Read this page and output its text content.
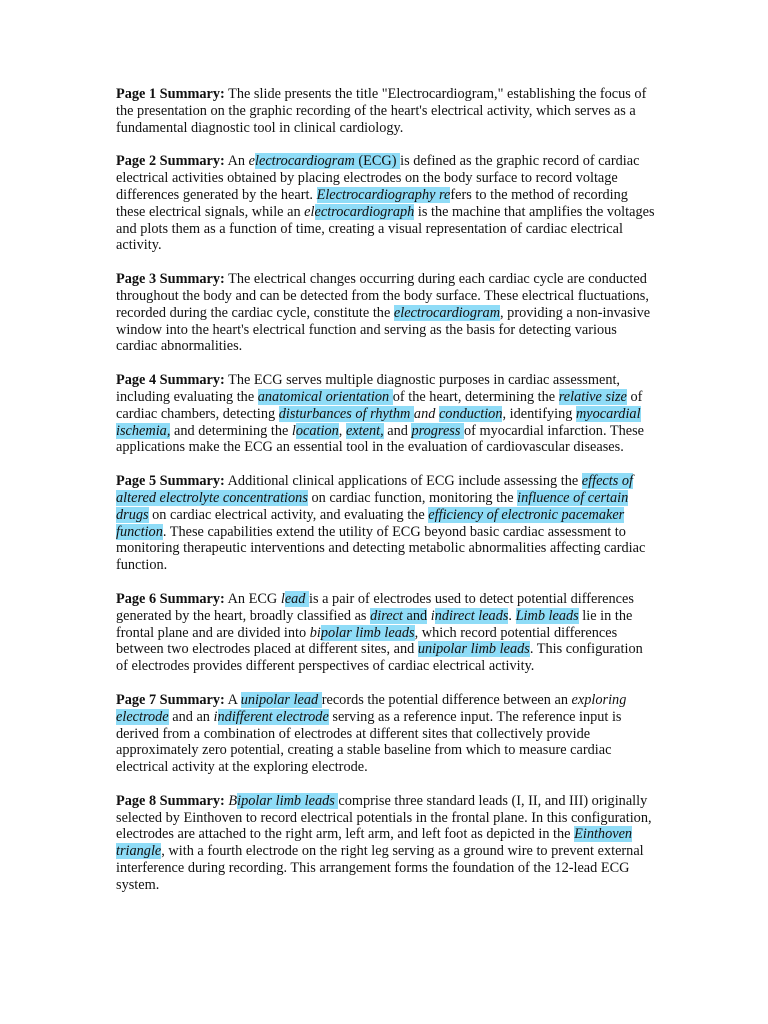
Page 1 Summary: The slide presents the title "Electrocardiogram," establishing the focus of the presentation on the graphic recording of the heart's electrical activity, which serves as a fundamental diagnostic tool in clinical cardiology.

Page 2 Summary: An electrocardiogram (ECG) is defined as the graphic record of cardiac electrical activities obtained by placing electrodes on the body surface to record voltage differences generated by the heart. Electrocardiography refers to the method of recording these electrical signals, while an electrocardiograph is the machine that amplifies the voltages and plots them as a function of time, creating a visual representation of cardiac electrical activity.

Page 3 Summary: The electrical changes occurring during each cardiac cycle are conducted throughout the body and can be detected from the body surface. These electrical fluctuations, recorded during the cardiac cycle, constitute the electrocardiogram, providing a non-invasive window into the heart's electrical function and serving as the basis for detecting various cardiac abnormalities.

Page 4 Summary: The ECG serves multiple diagnostic purposes in cardiac assessment, including evaluating the anatomical orientation of the heart, determining the relative size of cardiac chambers, detecting disturbances of rhythm and conduction, identifying myocardial ischemia, and determining the location, extent, and progress of myocardial infarction. These applications make the ECG an essential tool in the evaluation of cardiovascular diseases.

Page 5 Summary: Additional clinical applications of ECG include assessing the effects of altered electrolyte concentrations on cardiac function, monitoring the influence of certain drugs on cardiac electrical activity, and evaluating the efficiency of electronic pacemaker function. These capabilities extend the utility of ECG beyond basic cardiac assessment to monitoring therapeutic interventions and detecting metabolic abnormalities affecting cardiac function.

Page 6 Summary: An ECG lead is a pair of electrodes used to detect potential differences generated by the heart, broadly classified as direct and indirect leads. Limb leads lie in the frontal plane and are divided into bipolar limb leads, which record potential differences between two electrodes placed at different sites, and unipolar limb leads. This configuration of electrodes provides different perspectives of cardiac electrical activity.

Page 7 Summary: A unipolar lead records the potential difference between an exploring electrode and an indifferent electrode serving as a reference input. The reference input is derived from a combination of electrodes at different sites that collectively provide approximately zero potential, creating a stable baseline from which to measure cardiac electrical activity at the exploring electrode.

Page 8 Summary: Bipolar limb leads comprise three standard leads (I, II, and III) originally selected by Einthoven to record electrical potentials in the frontal plane. In this configuration, electrodes are attached to the right arm, left arm, and left foot as depicted in the Einthoven triangle, with a fourth electrode on the right leg serving as a ground wire to prevent external interference during recording. This arrangement forms the foundation of the 12-lead ECG system.
